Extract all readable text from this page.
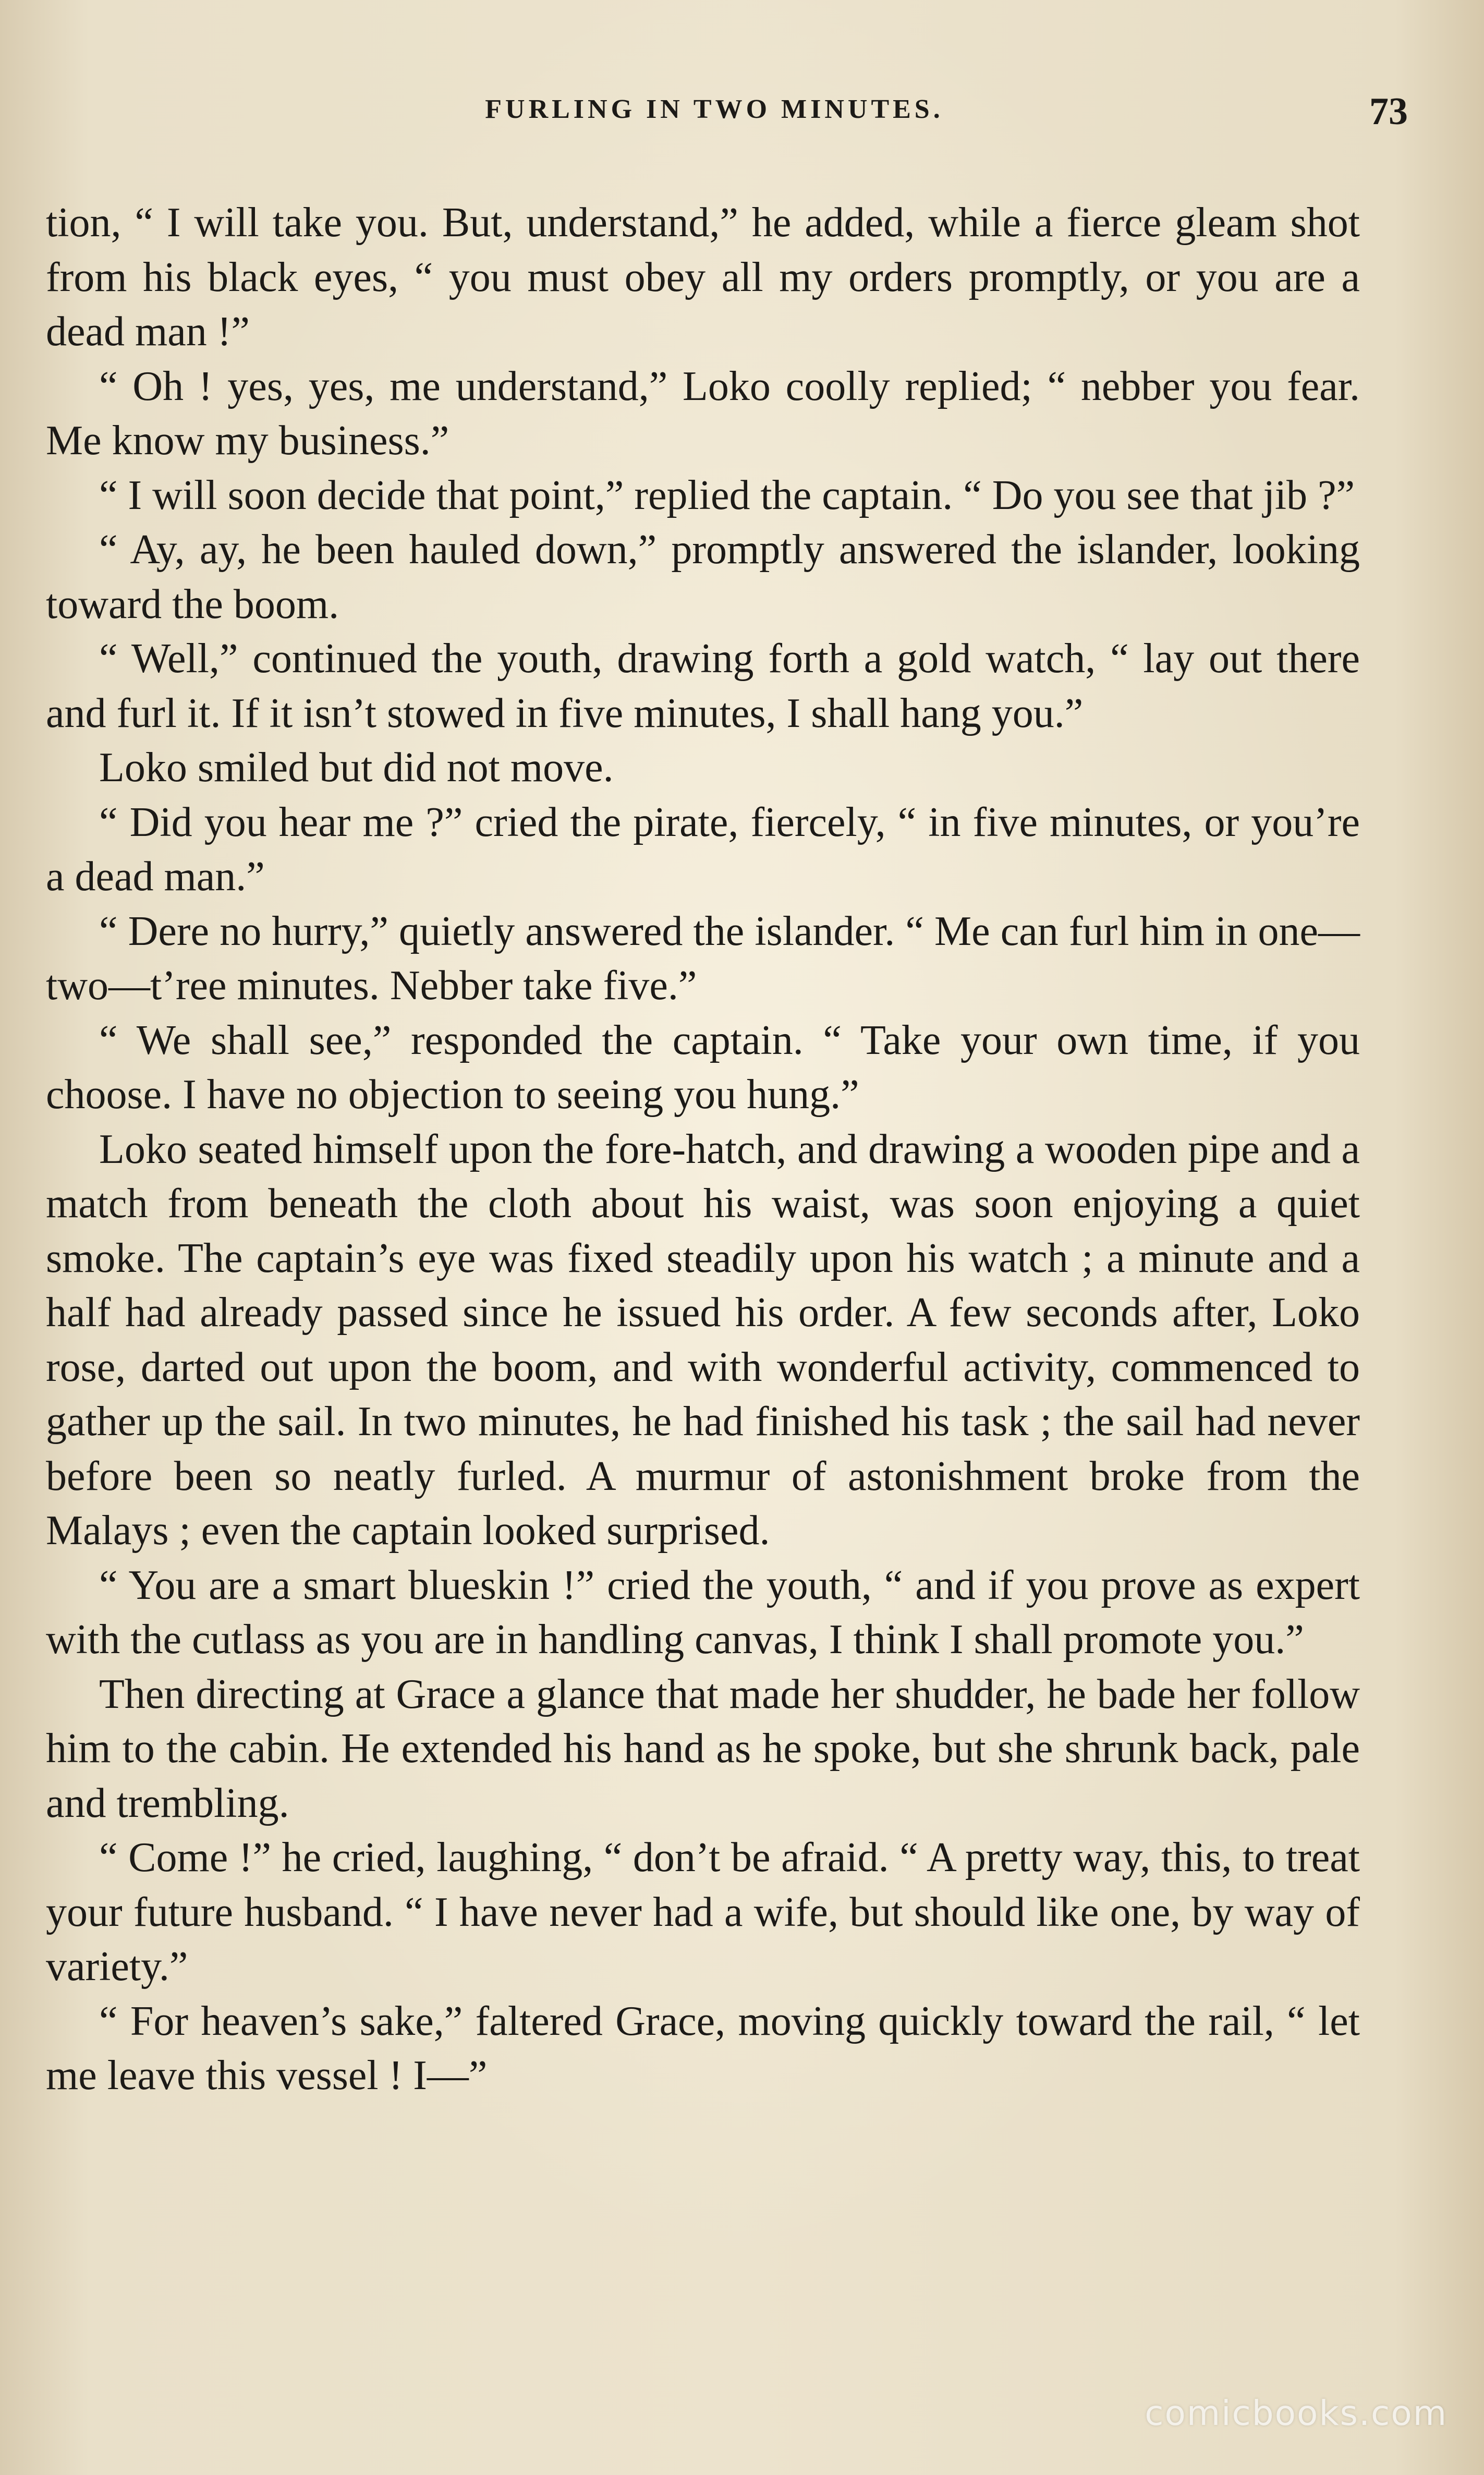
FURLING IN TWO MINUTES.	73

tion, “ I will take you. But, understand,” he added, while a fierce gleam shot from his black eyes, “ you must obey all my orders promptly, or you are a dead man !”

“ Oh ! yes, yes, me understand,” Loko coolly replied; “ nebber you fear. Me know my business.”

“ I will soon decide that point,” replied the captain. “ Do you see that jib ?”

“ Ay, ay, he been hauled down,” promptly answered the islander, looking toward the boom.

“ Well,” continued the youth, drawing forth a gold watch, “ lay out there and furl it. If it isn’t stowed in five minutes, I shall hang you.”

Loko smiled but did not move.

“ Did you hear me ?” cried the pirate, fiercely, “ in five minutes, or you’re a dead man.”

“ Dere no hurry,” quietly answered the islander. “ Me can furl him in one—two—t’ree minutes. Nebber take five.”

“ We shall see,” responded the captain. “ Take your own time, if you choose. I have no objection to seeing you hung.”

Loko seated himself upon the fore-hatch, and drawing a wooden pipe and a match from beneath the cloth about his waist, was soon enjoying a quiet smoke. The captain’s eye was fixed steadily upon his watch ; a minute and a half had already passed since he issued his order. A few seconds after, Loko rose, darted out upon the boom, and with wonderful activity, commenced to gather up the sail. In two minutes, he had finished his task ; the sail had never before been so neatly furled. A murmur of astonishment broke from the Malays ; even the captain looked surprised.

“ You are a smart blueskin !” cried the youth, “ and if you prove as expert with the cutlass as you are in handling canvas, I think I shall promote you.”

Then directing at Grace a glance that made her shudder, he bade her follow him to the cabin. He extended his hand as he spoke, but she shrunk back, pale and trembling.

“ Come !” he cried, laughing, “ don’t be afraid. “ A pretty way, this, to treat your future husband. “ I have never had a wife, but should like one, by way of variety.”

“ For heaven’s sake,” faltered Grace, moving quickly toward the rail, “ let me leave this vessel ! I—”

comicbooks.com
